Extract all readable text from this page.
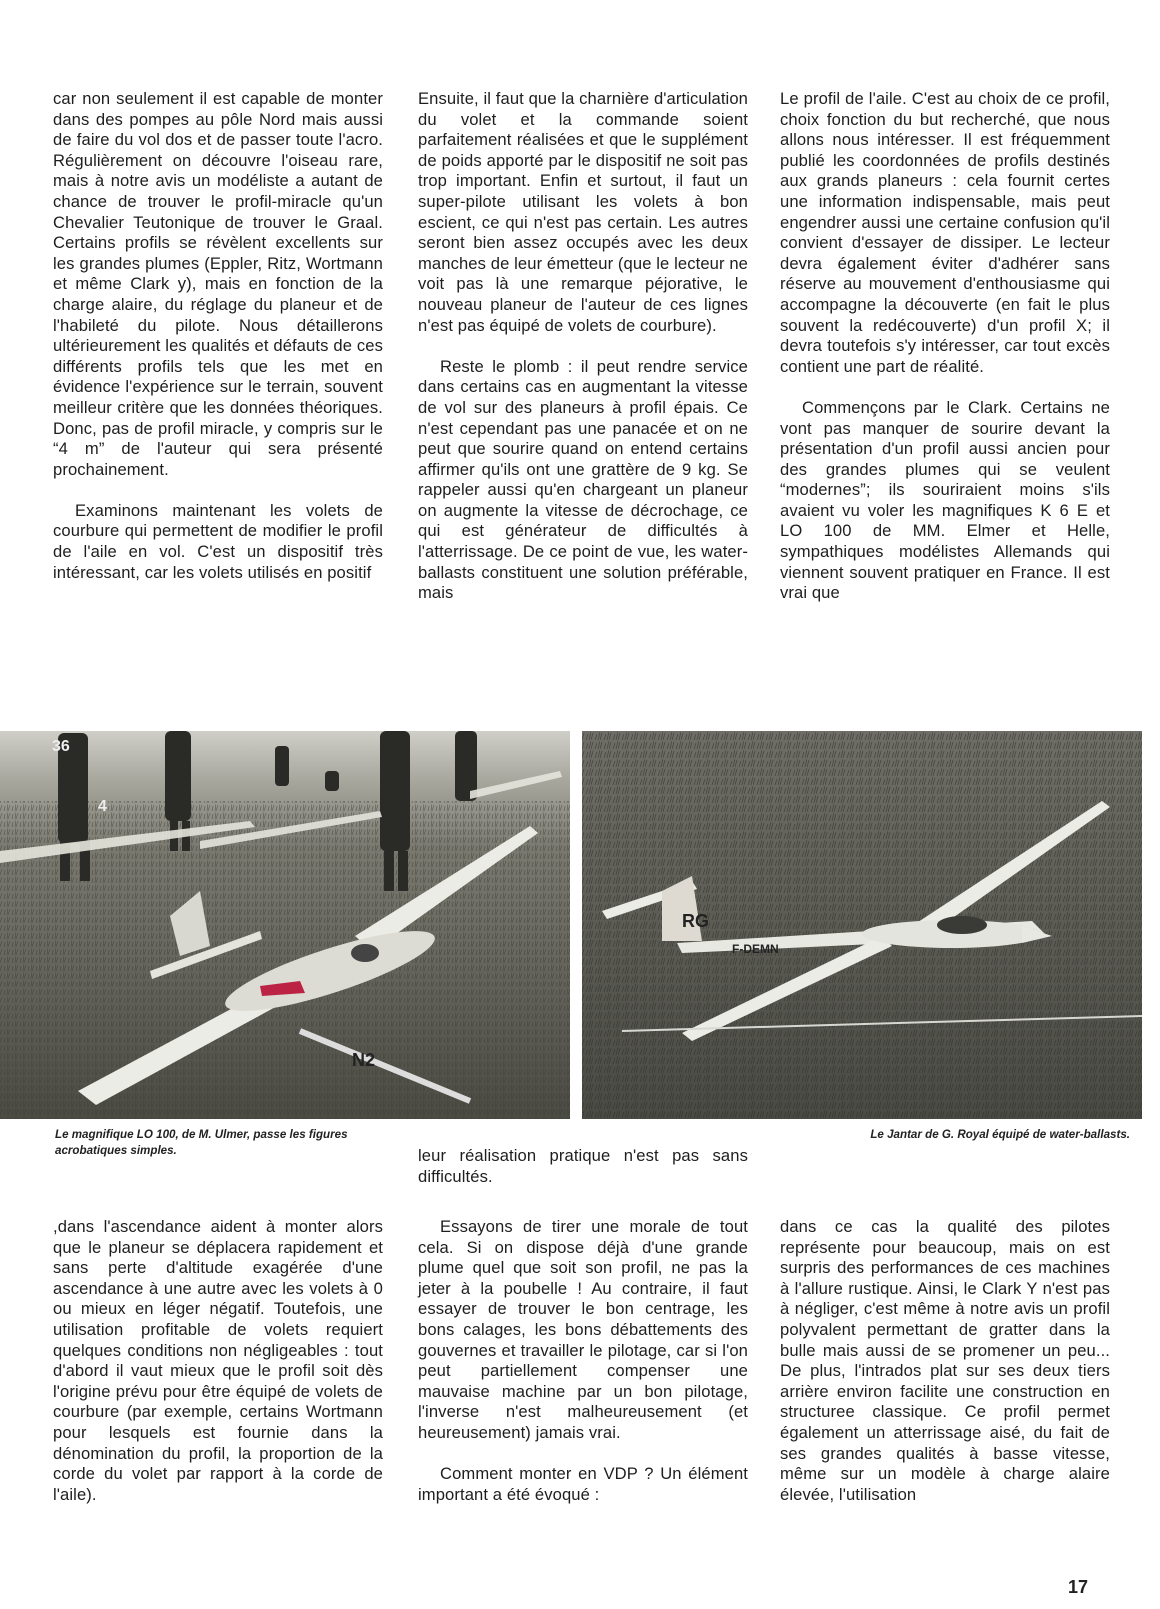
car non seulement il est capable de monter dans des pompes au pôle Nord mais aussi de faire du vol dos et de passer toute l'acro. Régulièrement on découvre l'oiseau rare, mais à notre avis un modéliste a autant de chance de trouver le profil-miracle qu'un Chevalier Teutonique de trouver le Graal. Certains profils se révèlent excellents sur les grandes plumes (Eppler, Ritz, Wortmann et même Clark y), mais en fonction de la charge alaire, du réglage du planeur et de l'habileté du pilote. Nous détaillerons ultérieurement les qualités et défauts de ces différents profils tels que les met en évidence l'expérience sur le terrain, souvent meilleur critère que les données théoriques. Donc, pas de profil miracle, y compris sur le “4 m” de l'auteur qui sera présenté prochainement.

Examinons maintenant les volets de courbure qui permettent de modifier le profil de l'aile en vol. C'est un dispositif très intéressant, car les volets utilisés en positif

Ensuite, il faut que la charnière d'articulation du volet et la commande soient parfaitement réalisées et que le supplément de poids apporté par le dispositif ne soit pas trop important. Enfin et surtout, il faut un super-pilote utilisant les volets à bon escient, ce qui n'est pas certain. Les autres seront bien assez occupés avec les deux manches de leur émetteur (que le lecteur ne voit pas là une remarque péjorative, le nouveau planeur de l'auteur de ces lignes n'est pas équipé de volets de courbure).

Reste le plomb : il peut rendre service dans certains cas en augmentant la vitesse de vol sur des planeurs à profil épais. Ce n'est cependant pas une panacée et on ne peut que sourire quand on entend certains affirmer qu'ils ont une grattère de 9 kg. Se rappeler aussi qu'en chargeant un planeur on augmente la vitesse de décrochage, ce qui est générateur de difficultés à l'atterrissage. De ce point de vue, les water-ballasts constituent une solution préférable, mais

Le profil de l'aile. C'est au choix de ce profil, choix fonction du but recherché, que nous allons nous intéresser. Il est fréquemment publié les coordonnées de profils destinés aux grands planeurs : cela fournit certes une information indispensable, mais peut engendrer aussi une certaine confusion qu'il convient d'essayer de dissiper. Le lecteur devra également éviter d'adhérer sans réserve au mouvement d'enthousiasme qui accompagne la découverte (en fait le plus souvent la redécouverte) d'un profil X; il devra toutefois s'y intéresser, car tout excès contient une part de réalité.

Commençons par le Clark. Certains ne vont pas manquer de sourire devant la présentation d'un profil aussi ancien pour des grandes plumes qui se veulent “modernes”; ils souriraient moins s'ils avaient vu voler les magnifiques K 6 E et LO 100 de MM. Elmer et Helle, sympathiques modélistes Allemands qui viennent souvent pratiquer en France. Il est vrai que

36
4
N2
RG
F-DEMN
Le magnifique LO 100, de M. Ulmer, passe les figures acrobatiques simples.
Le Jantar de G. Royal équipé de water-ballasts.

leur réalisation pratique n'est pas sans difficultés.

,dans l'ascendance aident à monter alors que le planeur se déplacera rapidement et sans perte d'altitude exagérée d'une ascendance à une autre avec les volets à 0 ou mieux en léger négatif. Toutefois, une utilisation profitable de volets requiert quelques conditions non négligeables : tout d'abord il vaut mieux que le profil soit dès l'origine prévu pour être équipé de volets de courbure (par exemple, certains Wortmann pour lesquels est fournie dans la dénomination du profil, la proportion de la corde du volet par rapport à la corde de l'aile).

Essayons de tirer une morale de tout cela. Si on dispose déjà d'une grande plume quel que soit son profil, ne pas la jeter à la poubelle ! Au contraire, il faut essayer de trouver le bon centrage, les bons calages, les bons débattements des gouvernes et travailler le pilotage, car si l'on peut partiellement compenser une mauvaise machine par un bon pilotage, l'inverse n'est malheureusement (et heureusement) jamais vrai.

Comment monter en VDP ? Un élément important a été évoqué :

dans ce cas la qualité des pilotes représente pour beaucoup, mais on est surpris des performances de ces machines à l'allure rustique. Ainsi, le Clark Y n'est pas à négliger, c'est même à notre avis un profil polyvalent permettant de gratter dans la bulle mais aussi de se promener un peu... De plus, l'intrados plat sur ses deux tiers arrière environ facilite une construction en structuree classique. Ce profil permet également un atterrissage aisé, du fait de ses grandes qualités à basse vitesse, même sur un modèle à charge alaire élevée, l'utilisation

17
